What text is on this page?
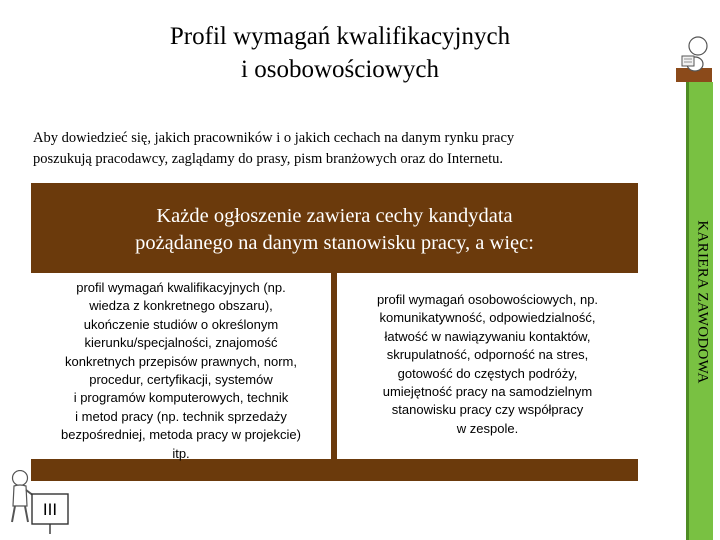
Profil wymagań kwalifikacyjnych
i osobowościowych
Aby dowiedzieć się, jakich pracowników i o jakich cechach na danym rynku pracy
poszukują pracodawcy, zaglądamy do prasy, pism branżowych oraz do Internetu.
Każde ogłoszenie zawiera cechy kandydata
pożądanego na danym stanowisku pracy, a więc:
profil wymagań kwalifikacyjnych (np.
wiedza z konkretnego obszaru),
ukończenie studiów o określonym
kierunku/specjalności, znajomość
konkretnych przepisów prawnych, norm,
procedur, certyfikacji, systemów
i programów komputerowych, technik
i metod pracy (np. technik sprzedaży
bezpośredniej, metoda pracy w projekcie)
itp.
profil wymagań osobowościowych, np.
komunikatywność, odpowiedzialność,
łatwość w nawiązywaniu kontaktów,
skrupulatność, odporność na stres,
gotowość do częstych podróży,
umiejętność pracy na samodzielnym
stanowisku pracy czy współpracy
w zespole.
KARIERA ZAWODOWA
III
